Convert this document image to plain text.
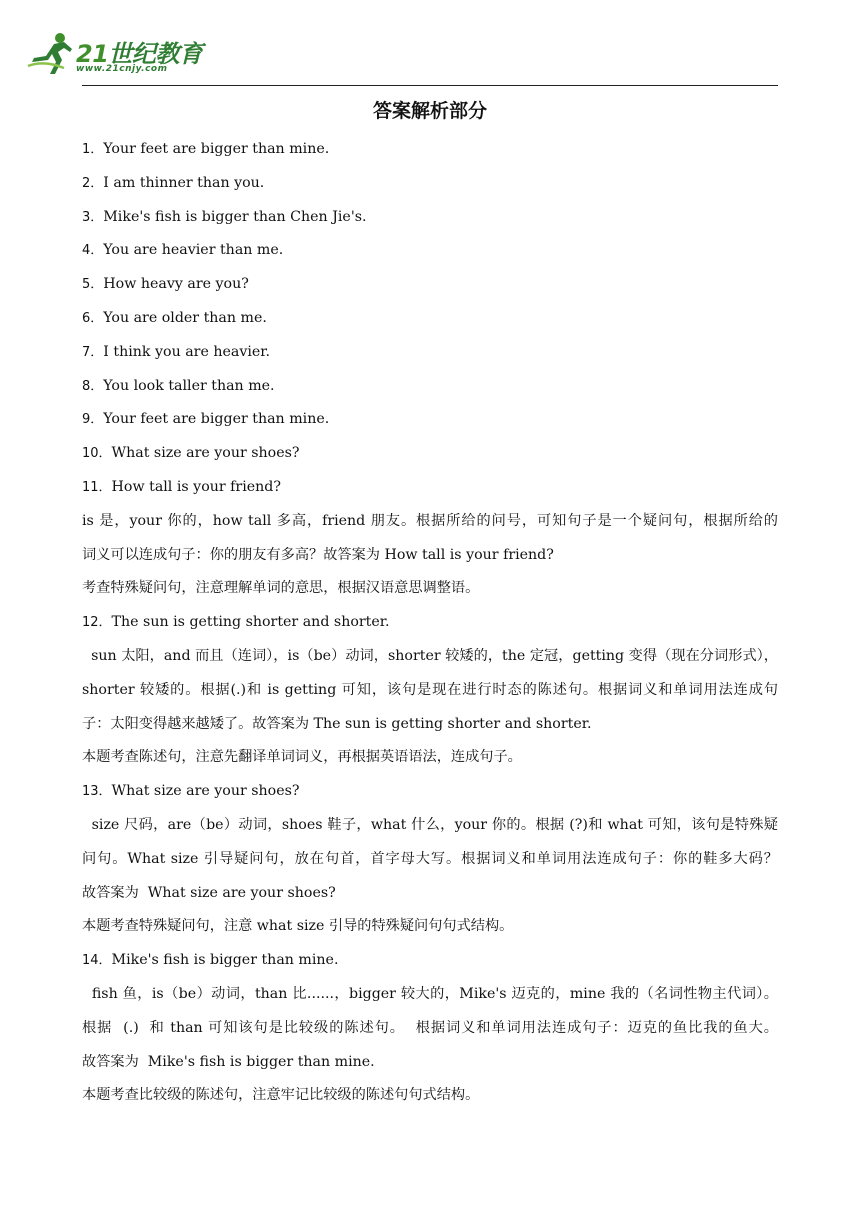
21世纪教育
www.21cnjy.com
答案解析部分
1．Your feet are bigger than mine.
2．I am thinner than you.
3．Mike's fish is bigger than Chen Jie's.
4．You are heavier than me.
5．How heavy are you?
6．You are older than me.
7．I think you are heavier.
8．You look taller than me.
9．Your feet are bigger than mine.
10．What size are your shoes?
11．How tall is your friend?
is 是，your 你的，how tall 多高，friend 朋友。根据所给的问号，可知句子是一个疑问句，根据所给的
词义可以连成句子：你的朋友有多高？故答案为 How tall is your friend?
考查特殊疑问句，注意理解单词的意思，根据汉语意思调整语。
12．The sun is getting shorter and shorter.
sun 太阳，and 而且（连词），is（be）动词，shorter 较矮的，the 定冠，getting 变得（现在分词形式），
shorter 较矮的。根据(.)和 is getting 可知，该句是现在进行时态的陈述句。根据词义和单词用法连成句
子：太阳变得越来越矮了。故答案为 The sun is getting shorter and shorter.
本题考查陈述句，注意先翻译单词词义，再根据英语语法，连成句子。
13．What size are your shoes?
size 尺码，are（be）动词，shoes 鞋子，what 什么，your 你的。根据 (?)和 what 可知，该句是特殊疑
问句。What size 引导疑问句，放在句首，首字母大写。根据词义和单词用法连成句子：你的鞋多大码？
故答案为  What size are your shoes?
本题考查特殊疑问句，注意 what size 引导的特殊疑问句句式结构。
14．Mike's fish is bigger than mine.
fish 鱼，is（be）动词，than 比......，bigger 较大的，Mike's 迈克的，mine 我的（名词性物主代词）。
根据  (.)  和 than 可知该句是比较级的陈述句。  根据词义和单词用法连成句子：迈克的鱼比我的鱼大。
故答案为  Mike's fish is bigger than mine.
本题考查比较级的陈述句，注意牢记比较级的陈述句句式结构。
